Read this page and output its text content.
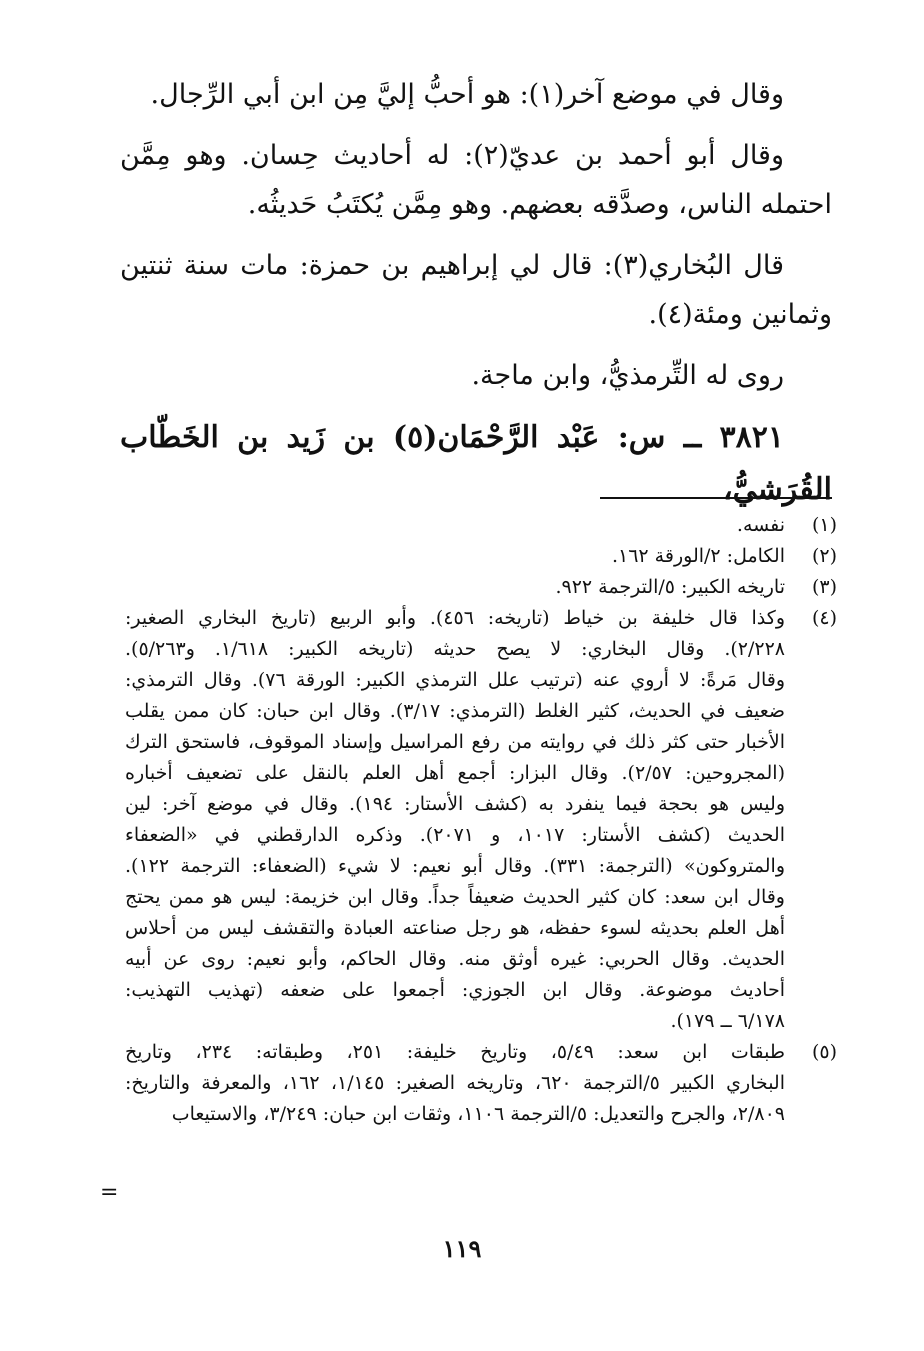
وقال في موضع آخر(١): هو أحبُّ إليَّ مِن ابن أبي الرِّجال.

وقال أبو أحمد بن عديّ(٢): له أحاديث حِسان. وهو مِمَّن احتمله الناس، وصدَّقه بعضهم. وهو مِمَّن يُكتَبُ حَديثُه.

قال البُخاري(٣): قال لي إبراهيم بن حمزة: مات سنة ثنتين وثمانين ومئة(٤).

روى له التِّرمذيُّ، وابن ماجة.

٣٨٢١ ــ س: عَبْد الرَّحْمَان(٥) بن زَيد بن الخَطّاب القُرَشيُّ،

(١)
نفسه.
(٢)
الكامل: ٢/الورقة ١٦٢.
(٣)
تاريخه الكبير: ٥/الترجمة ٩٢٢.
(٤)
وكذا قال خليفة بن خياط (تاريخه: ٤٥٦). وأبو الربيع (تاريخ البخاري الصغير:
٢/٢٢٨). وقال البخاري: لا يصح حديثه (تاريخه الكبير: ١/٦١٨. و٥/٢٦٣).
وقال مَرةً: لا أروي عنه (ترتيب علل الترمذي الكبير: الورقة ٧٦). وقال الترمذي:
ضعيف في الحديث، كثير الغلط (الترمذي: ٣/١٧). وقال ابن حبان: كان ممن يقلب
الأخبار حتى كثر ذلك في روايته من رفع المراسيل وإسناد الموقوف، فاستحق الترك
(المجروحين: ٢/٥٧). وقال البزار: أجمع أهل العلم بالنقل على تضعيف أخباره
وليس هو بحجة فيما ينفرد به (كشف الأستار: ١٩٤). وقال في موضع آخر: لين
الحديث (كشف الأستار: ١٠١٧، و ٢٠٧١). وذكره الدارقطني في «الضعفاء
والمتروكون» (الترجمة: ٣٣١). وقال أبو نعيم: لا شيء (الضعفاء: الترجمة ١٢٢).
وقال ابن سعد: كان كثير الحديث ضعيفاً جداً. وقال ابن خزيمة: ليس هو ممن يحتج
أهل العلم بحديثه لسوء حفظه، هو رجل صناعته العبادة والتقشف ليس من أحلاس
الحديث. وقال الحربي: غيره أوثق منه. وقال الحاكم، وأبو نعيم: روى عن أبيه
أحاديث موضوعة. وقال ابن الجوزي: أجمعوا على ضعفه (تهذيب التهذيب:
٦/١٧٨ ــ ١٧٩).
(٥)
طبقات ابن سعد: ٥/٤٩، وتاريخ خليفة: ٢٥١، وطبقاته: ٢٣٤، وتاريخ
البخاري الكبير ٥/الترجمة ٦٢٠، وتاريخه الصغير: ١/١٤٥، ١٦٢، والمعرفة والتاريخ:
٢/٨٠٩، والجرح والتعديل: ٥/الترجمة ١١٠٦، وثقات ابن حبان: ٣/٢٤٩، والاستيعاب
=
١١٩
